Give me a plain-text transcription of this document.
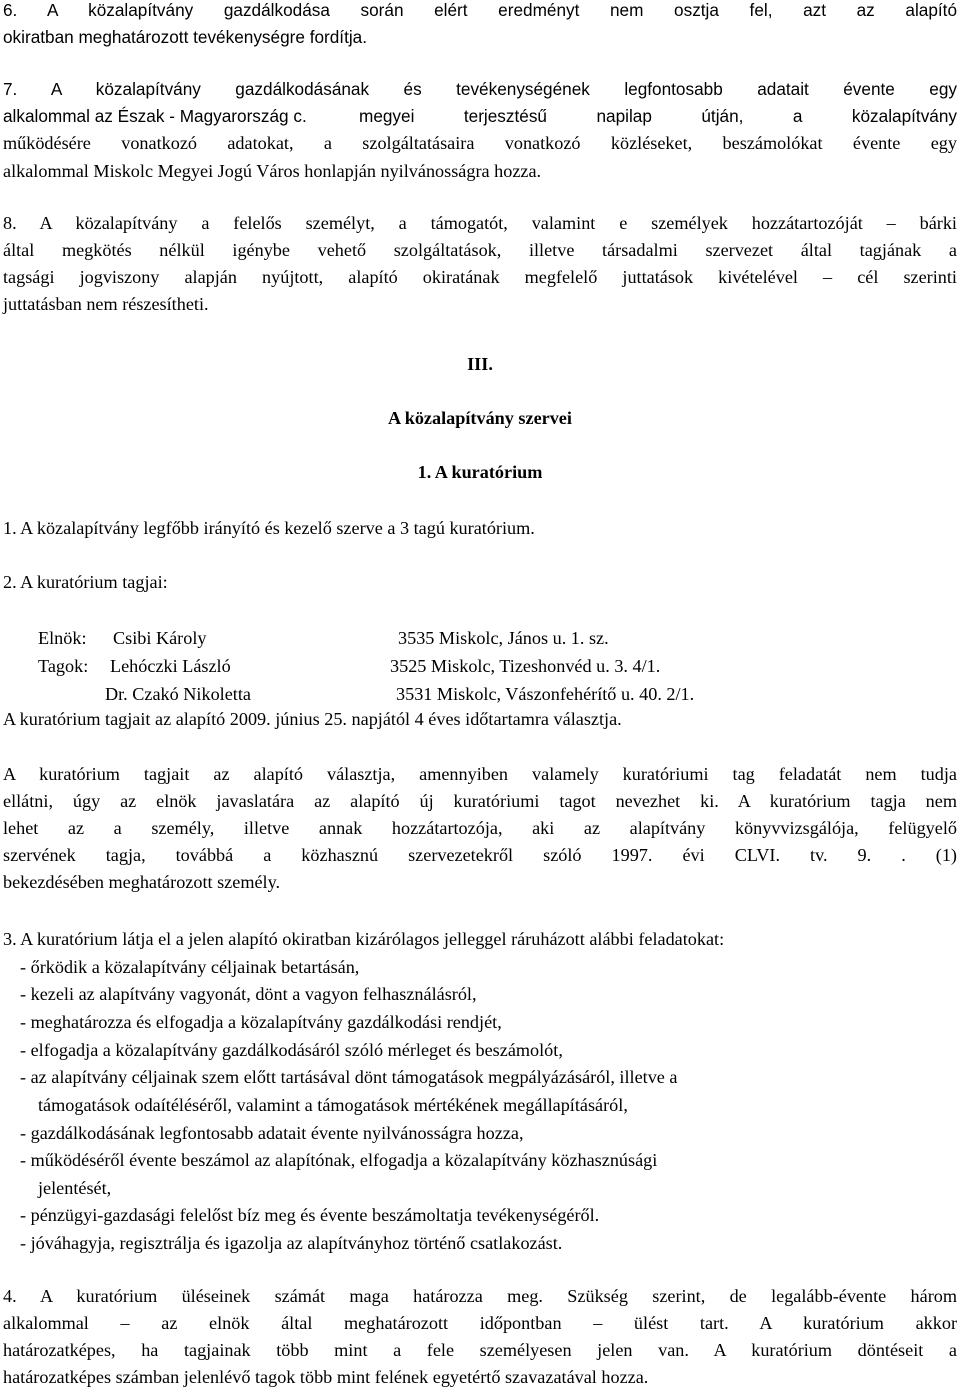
6. A közalapítvány gazdálkodása során elért eredményt nem osztja fel, azt az alapító
okiratban meghatározott tevékenységre fordítja.
7. A közalapítvány gazdálkodásának és tevékenységének legfontosabb adatait évente egy
alkalommal az Észak - Magyarország c.	megyei terjesztésű napilap útján, a közalapítvány
működésére vonatkozó adatokat, a szolgáltatásaira vonatkozó közléseket, beszámolókat évente egy
alkalommal Miskolc Megyei Jogú Város honlapján nyilvánosságra hozza.
8. A közalapítvány a felelős személyt, a támogatót, valamint e személyek hozzátartozóját – bárki
által megkötés nélkül igénybe vehető szolgáltatások, illetve társadalmi szervezet által tagjának a
tagsági jogviszony alapján nyújtott, alapító okiratának megfelelő juttatások kivételével – cél szerinti
juttatásban nem részesítheti.
III.
A közalapítvány szervei
1. A kuratórium
1. A közalapítvány legfőbb irányító és kezelő szerve a 3 tagú kuratórium.
2. A kuratórium tagjai:
Elnök: Csibi Károly	3535 Miskolc, János u. 1. sz.
Tagok: Lehóczki László	3525 Miskolc, Tizeshonvéd u. 3. 4/1.
Dr. Czakó Nikoletta	3531 Miskolc, Vászonfehérítő u. 40. 2/1.
A kuratórium tagjait az alapító 2009. június 25. napjától 4 éves időtartamra választja.
A kuratórium tagjait az alapító választja, amennyiben valamely kuratóriumi tag feladatát nem tudja
ellátni, úgy az elnök javaslatára az alapító új kuratóriumi tagot nevezhet ki. A kuratórium tagja nem
lehet az a személy, illetve annak hozzátartozója, aki az alapítvány könyvvizsgálója, felügyelő
szervének tagja, továbbá a közhasznú szervezetekről szóló 1997. évi CLVI. tv. 9. . (1)
bekezdésében meghatározott személy.
3. A kuratórium látja el a jelen alapító okiratban kizárólagos jelleggel ráruházott alábbi feladatokat:
- őrködik a közalapítvány céljainak betartásán,
- kezeli az alapítvány vagyonát, dönt a vagyon felhasználásról,
- meghatározza és elfogadja a közalapítvány gazdálkodási rendjét,
- elfogadja a közalapítvány gazdálkodásáról szóló mérleget és beszámolót,
- az alapítvány céljainak szem előtt tartásával dönt támogatások megpályázásáról, illetve a
támogatások odaítéléséről, valamint a támogatások mértékének megállapításáról,
- gazdálkodásának legfontosabb adatait évente nyilvánosságra hozza,
- működéséről évente beszámol az alapítónak, elfogadja a közalapítvány közhasznúsági
jelentését,
- pénzügyi-gazdasági felelőst bíz meg és évente beszámoltatja tevékenységéről.
- jóváhagyja, regisztrálja és igazolja az alapítványhoz történő csatlakozást.
4. A kuratórium üléseinek számát maga határozza meg. Szükség szerint, de legalább-évente három
alkalommal – az elnök által meghatározott időpontban – ülést tart. A kuratórium akkor
határozatképes, ha tagjainak több mint a fele személyesen jelen van. A kuratórium döntéseit a
határozatképes számban jelenlévő tagok több mint felének egyetértő szavazatával hozza.
